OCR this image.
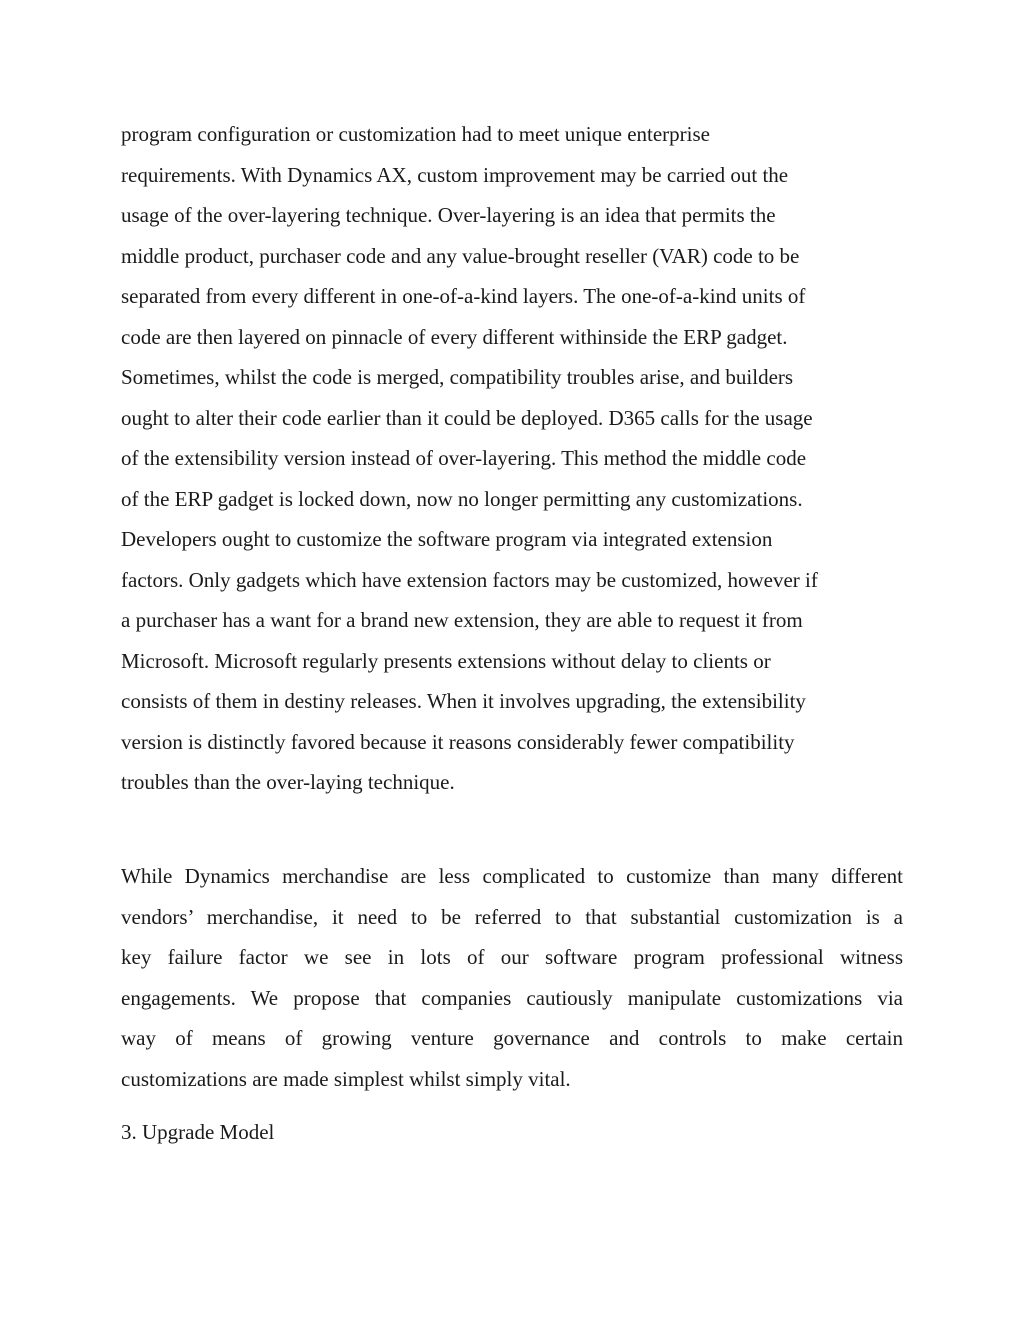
program configuration or customization had to meet unique enterprise
requirements. With Dynamics AX, custom improvement may be carried out the
usage of the over-layering technique. Over-layering is an idea that permits the
middle product, purchaser code and any value-brought reseller (VAR) code to be
separated from every different in one-of-a-kind layers. The one-of-a-kind units of
code are then layered on pinnacle of every different withinside the ERP gadget.
Sometimes, whilst the code is merged, compatibility troubles arise, and builders
ought to alter their code earlier than it could be deployed. D365 calls for the usage
of the extensibility version instead of over-layering. This method the middle code
of the ERP gadget is locked down, now no longer permitting any customizations.
Developers ought to customize the software program via integrated extension
factors. Only gadgets which have extension factors may be customized, however if
a purchaser has a want for a brand new extension, they are able to request it from
Microsoft. Microsoft regularly presents extensions without delay to clients or
consists of them in destiny releases. When it involves upgrading, the extensibility
version is distinctly favored because it reasons considerably fewer compatibility
troubles than the over-laying technique.
While Dynamics merchandise are less complicated to customize than many different
vendors’ merchandise, it need to be referred to that substantial customization is a
key failure factor we see in lots of our software program professional witness
engagements. We propose that companies cautiously manipulate customizations via
way of means of growing venture governance and controls to make certain
customizations are made simplest whilst simply vital.
3. Upgrade Model
